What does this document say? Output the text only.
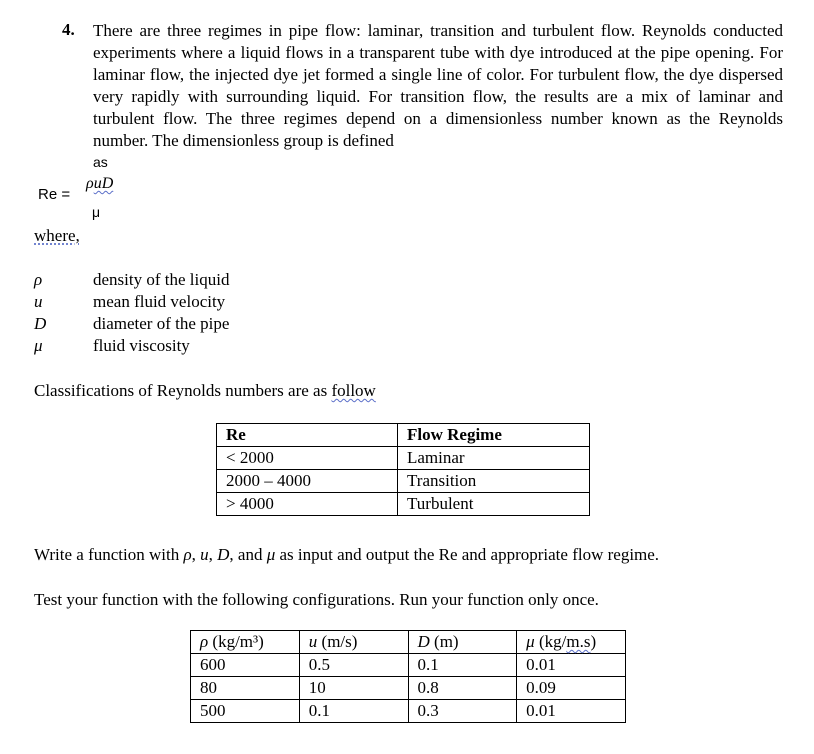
4. There are three regimes in pipe flow: laminar, transition and turbulent flow. Reynolds conducted experiments where a liquid flows in a transparent tube with dye introduced at the pipe opening. For laminar flow, the injected dye jet formed a single line of color. For turbulent flow, the dye dispersed very rapidly with surrounding liquid. For transition flow, the results are a mix of laminar and turbulent flow. The three regimes depend on a dimensionless number known as the Reynolds number. The dimensionless group is defined
as
Re =
ρuD
μ
where,
ρ	density of the liquid
u	mean fluid velocity
D	diameter of the pipe
μ	fluid viscosity
Classifications of Reynolds numbers are as follow
Re	Flow Regime
< 2000	Laminar
2000 – 4000	Transition
> 4000	Turbulent
Write a function with ρ, u, D, and μ as input and output the Re and appropriate flow regime.
Test your function with the following configurations. Run your function only once.
ρ (kg/m³)	u (m/s)	D (m)	μ (kg/m.s)
600	0.5	0.1	0.01
80	10	0.8	0.09
500	0.1	0.3	0.01
